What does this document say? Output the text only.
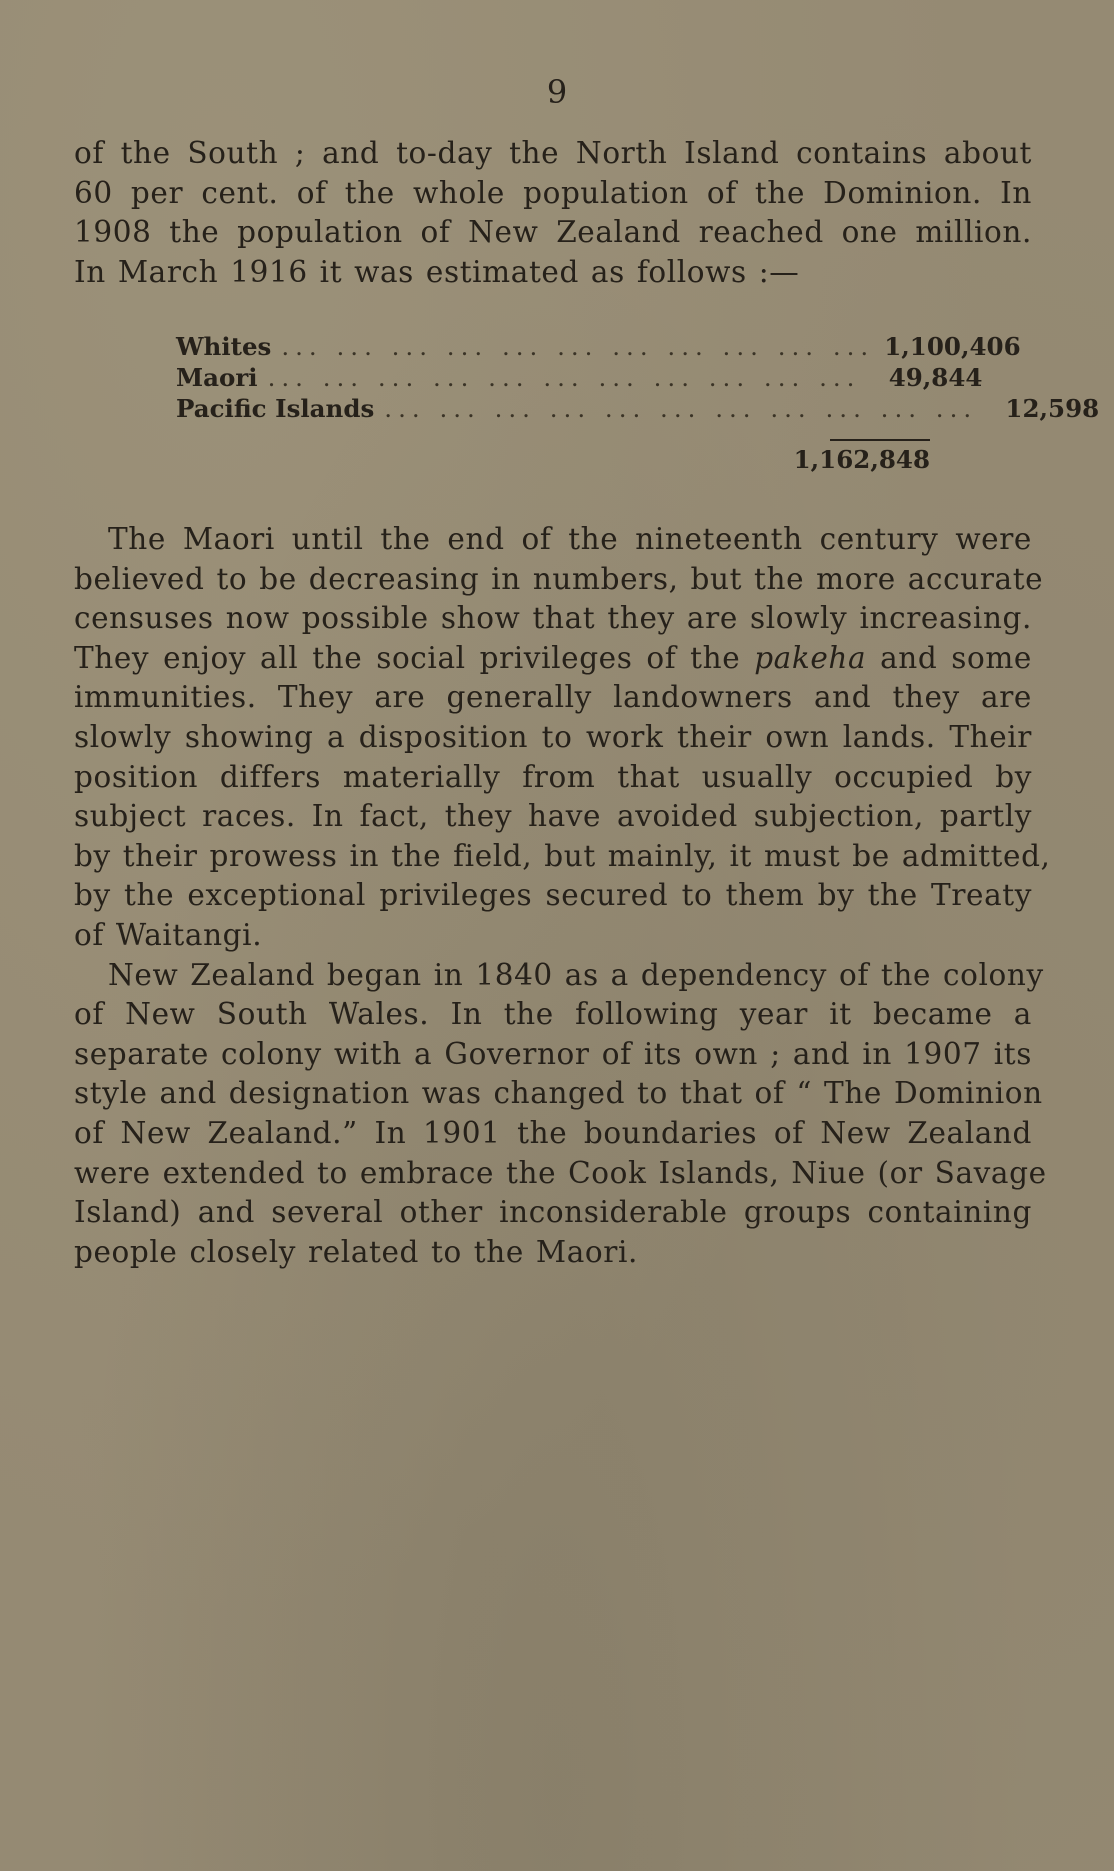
9
of the South ; and to-day the North Island contains about
60 per cent. of the whole population of the Dominion. In
1908 the population of New Zealand reached one million.
In March 1916 it was estimated as follows :—
Whites ... ... ... ... ... ... ... ... ... ... ... 1,100,406
Maori ... ... ... ... ... ... ... ... ... ... ...	49,844
Pacific Islands ... ... ... ... ... ... ... ... ... ... ...	12,598
1,162,848
The Maori until the end of the nineteenth century were
believed to be decreasing in numbers, but the more accurate
censuses now possible show that they are slowly increasing.
They enjoy all the social privileges of the pakeha and some
immunities. They are generally landowners and they are
slowly showing a disposition to work their own lands. Their
position differs materially from that usually occupied by
subject races. In fact, they have avoided subjection, partly
by their prowess in the field, but mainly, it must be admitted,
by the exceptional privileges secured to them by the Treaty
of Waitangi.
New Zealand began in 1840 as a dependency of the colony
of New South Wales. In the following year it became a
separate colony with a Governor of its own ; and in 1907 its
style and designation was changed to that of “ The Dominion
of New Zealand.” In 1901 the boundaries of New Zealand
were extended to embrace the Cook Islands, Niue (or Savage
Island) and several other inconsiderable groups containing
people closely related to the Maori.
